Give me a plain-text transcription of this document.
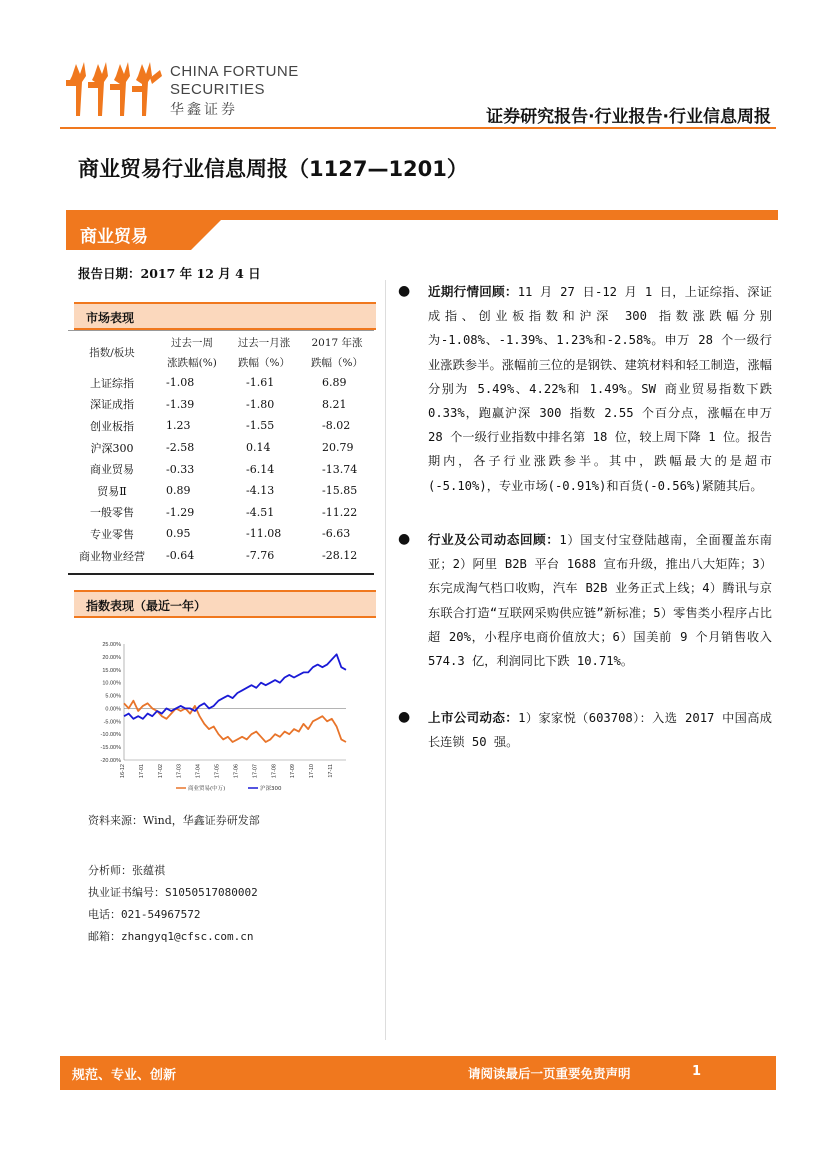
CHINA FORTUNE
SECURITIES
华鑫证券	证券研究报告·行业报告·行业信息周报
商业贸易行业信息周报（1127—1201）
商业贸易
报告日期：2017 年 12 月 4 日
市场表现
指数/板块	过去一周	过去一月涨	2017 年涨
	涨跌幅(%)	跌幅（%）	跌幅（%）
上证综指	-1.08	-1.61	6.89
深证成指	-1.39	-1.80	8.21
创业板指	1.23	-1.55	-8.02
沪深300	-2.58	0.14	20.79
商业贸易	-0.33	-6.14	-13.74
贸易Ⅱ	0.89	-4.13	-15.85
一般零售	-1.29	-4.51	-11.22
专业零售	0.95	-11.08	-6.63
商业物业经营	-0.64	-7.76	-28.12
指数表现（最近一年）
25.00%
20.00%
15.00%
10.00%
5.00%
0.00%
-5.00%
-10.00%
-15.00%
-20.00%
16-12 17-01 17-02 17-03 17-04 17-05 17-06 17-07 17-08 17-09 17-10 17-11
商业贸易(中万)	沪深300
资料来源：Wind，华鑫证券研发部
分析师：张蕴祺
执业证书编号：S1050517080002
电话：021-54967572
邮箱：zhangyq1@cfsc.com.cn
● 近期行情回顾：11 月 27 日-12 月 1 日，上证综指、深证成指、创业板指数和沪深 300 指数涨跌幅分别为-1.08%、-1.39%、1.23%和-2.58%。申万 28 个一级行业涨跌参半。涨幅前三位的是钢铁、建筑材料和轻工制造，涨幅分别为 5.49%、4.22%和 1.49%。SW 商业贸易指数下跌 0.33%，跑赢沪深 300 指数 2.55 个百分点，涨幅在申万 28 个一级行业指数中排名第 18 位，较上周下降 1 位。报告期内，各子行业涨跌参半。其中，跌幅最大的是超市(-5.10%)，专业市场(-0.91%)和百货(-0.56%)紧随其后。

● 行业及公司动态回顾：1）国支付宝登陆越南，全面覆盖东南亚；2）阿里 B2B 平台 1688 宣布升级，推出八大矩阵；3）东完成淘气档口收购，汽车 B2B 业务正式上线；4）腾讯与京东联合打造“互联网采购供应链”新标准；5）零售类小程序占比超 20%，小程序电商价值放大；6）国美前 9 个月销售收入 574.3 亿，利润同比下跌 10.71%。

● 上市公司动态：1）家家悦（603708）：入选 2017 中国高成长连锁 50 强。

规范、专业、创新	请阅读最后一页重要免责声明	1
